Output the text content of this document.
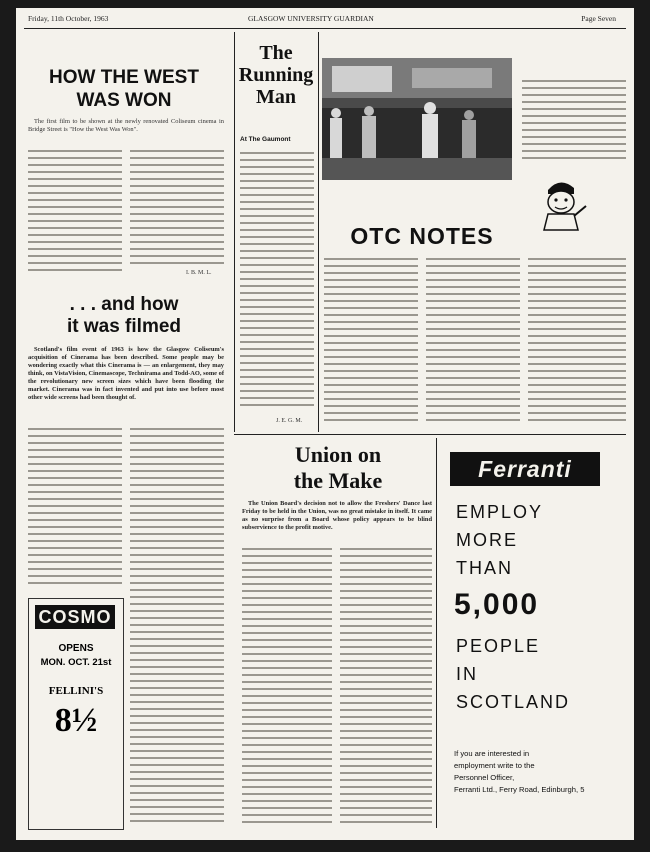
Friday, 11th October, 1963	GLASGOW UNIVERSITY GUARDIAN	Page Seven
HOW THE WEST
WAS WON

The first film to be shown at the newly renovated Coliseum cinema in Bridge Street is "How the West Was Won".

I. B. M. L.
. . . and how
it was filmed

Scotland's film event of 1963 is how the Glasgow Coliseum's acquisition of Cinerama has been described. Some people may be wondering exactly what this Cinerama is — an enlargement, they may think, on VistaVision, Cinemascope, Technirama and Todd-AO, some of the revolutionary new screen sizes which have been flooding the market. Cinerama was in fact invented and put into use before most other wide screens had been thought of.

COSMO
OPENS
MON. OCT. 21st
FELLINI'S
8½
The
Running
Man
At The Gaumont
J. E. G. M.
OTC NOTES
Union on
the Make

The Union Board's decision not to allow the Freshers' Dance last Friday to be held in the Union, was no great mistake in itself. It came as no surprise from a Board whose policy appears to be blind subservience to the profit motive.

Ferranti
EMPLOY
MORE
THAN
5,000
PEOPLE
IN
SCOTLAND
If you are interested in
employment write to the
Personnel Officer,
Ferranti Ltd., Ferry Road, Edinburgh, 5
